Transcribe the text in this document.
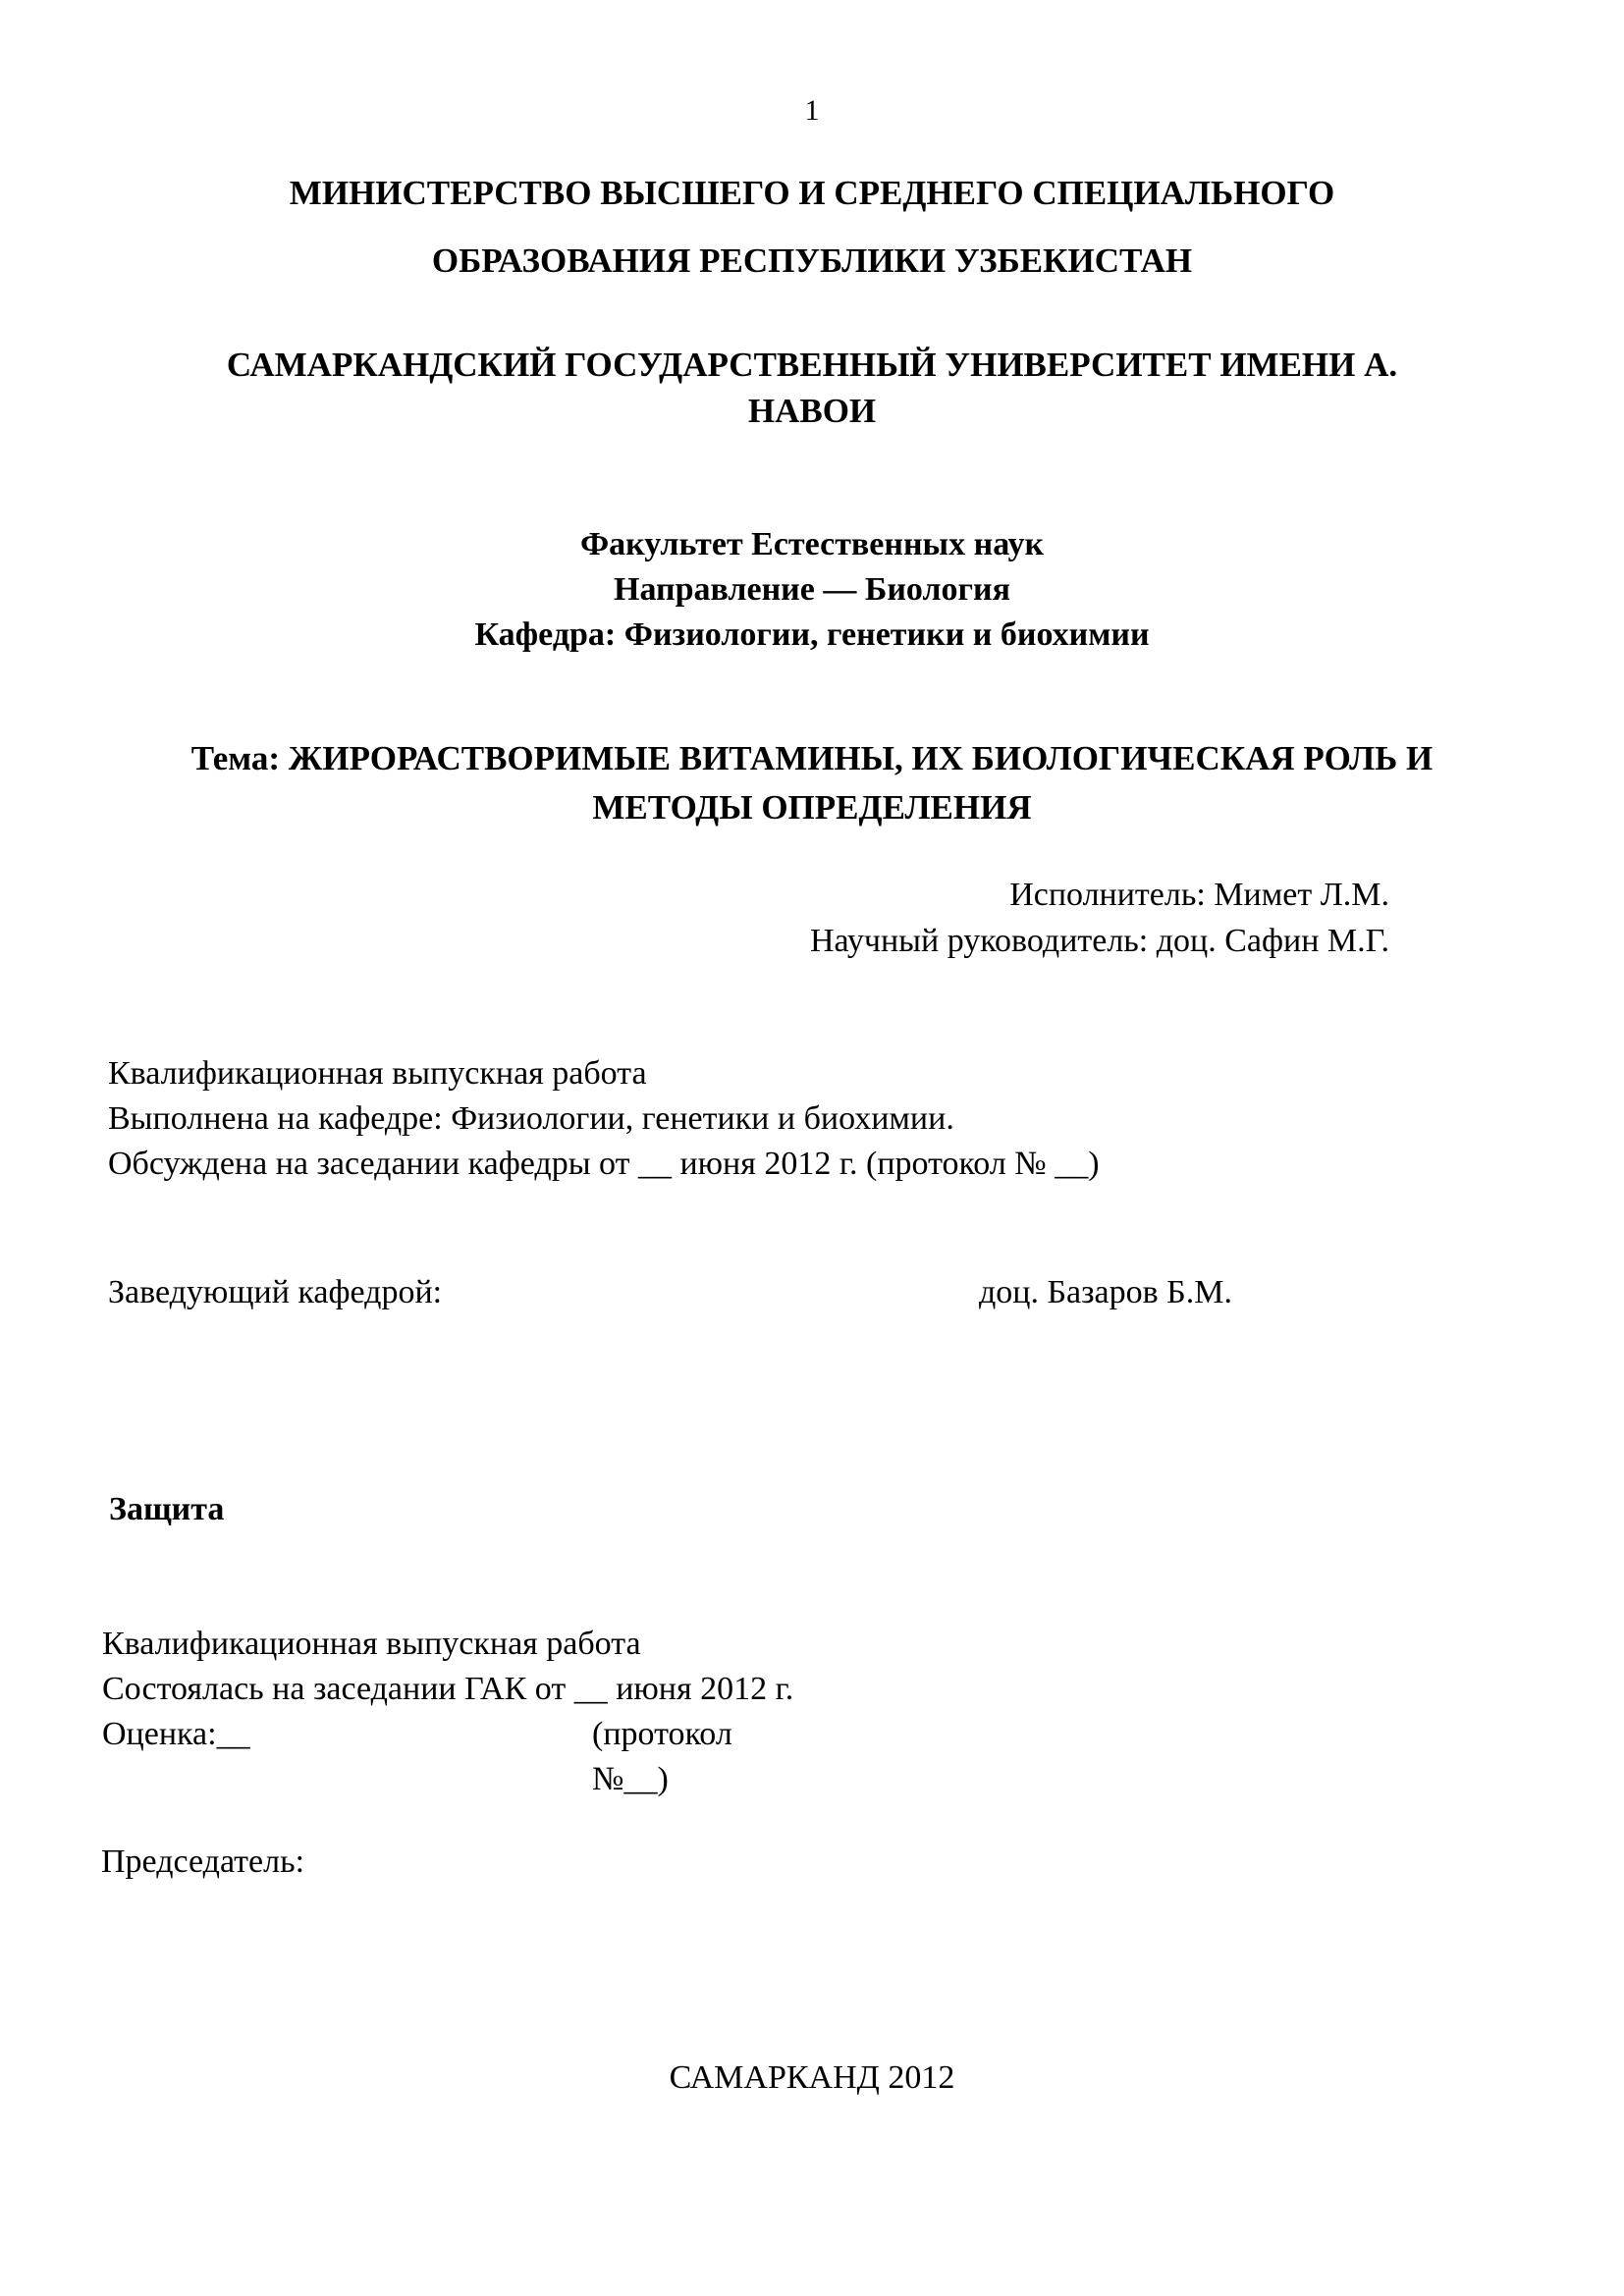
1
МИНИСТЕРСТВО ВЫСШЕГО И СРЕДНЕГО СПЕЦИАЛЬНОГО
ОБРАЗОВАНИЯ РЕСПУБЛИКИ УЗБЕКИСТАН
САМАРКАНДСКИЙ ГОСУДАРСТВЕННЫЙ УНИВЕРСИТЕТ ИМЕНИ А.
НАВОИ
Факультет Естественных наук
Направление — Биология
Кафедра: Физиологии, генетики и биохимии
Тема: ЖИРОРАСТВОРИМЫЕ ВИТАМИНЫ, ИХ БИОЛОГИЧЕСКАЯ РОЛЬ И
МЕТОДЫ ОПРЕДЕЛЕНИЯ
Исполнитель: Мимет Л.М.
Научный руководитель: доц. Сафин М.Г.
Квалификационная выпускная работа
Выполнена на кафедре: Физиологии, генетики и биохимии.
Обсуждена на заседании кафедры от __ июня 2012 г. (протокол № __)
Заведующий кафедрой:	доц. Базаров Б.М.
Защита
Квалификационная выпускная работа
Состоялась на заседании ГАК от __ июня 2012 г.
Оценка:__	(протокол №__)
Председатель:
САМАРКАНД 2012
